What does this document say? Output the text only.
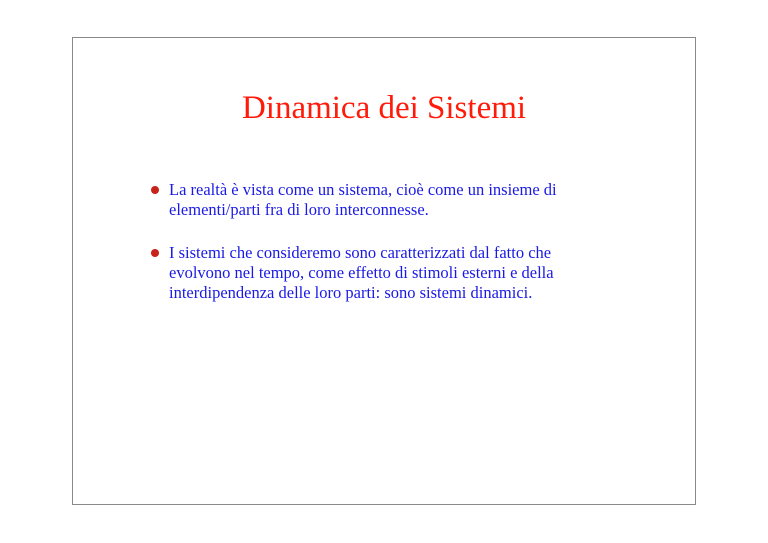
Dinamica dei Sistemi
La realtà è vista come un sistema, cioè come un insieme di
elementi/parti fra di loro interconnesse.
I sistemi che consideremo sono caratterizzati dal fatto che
evolvono nel tempo, come effetto di stimoli esterni e della
interdipendenza delle loro parti: sono sistemi dinamici.
